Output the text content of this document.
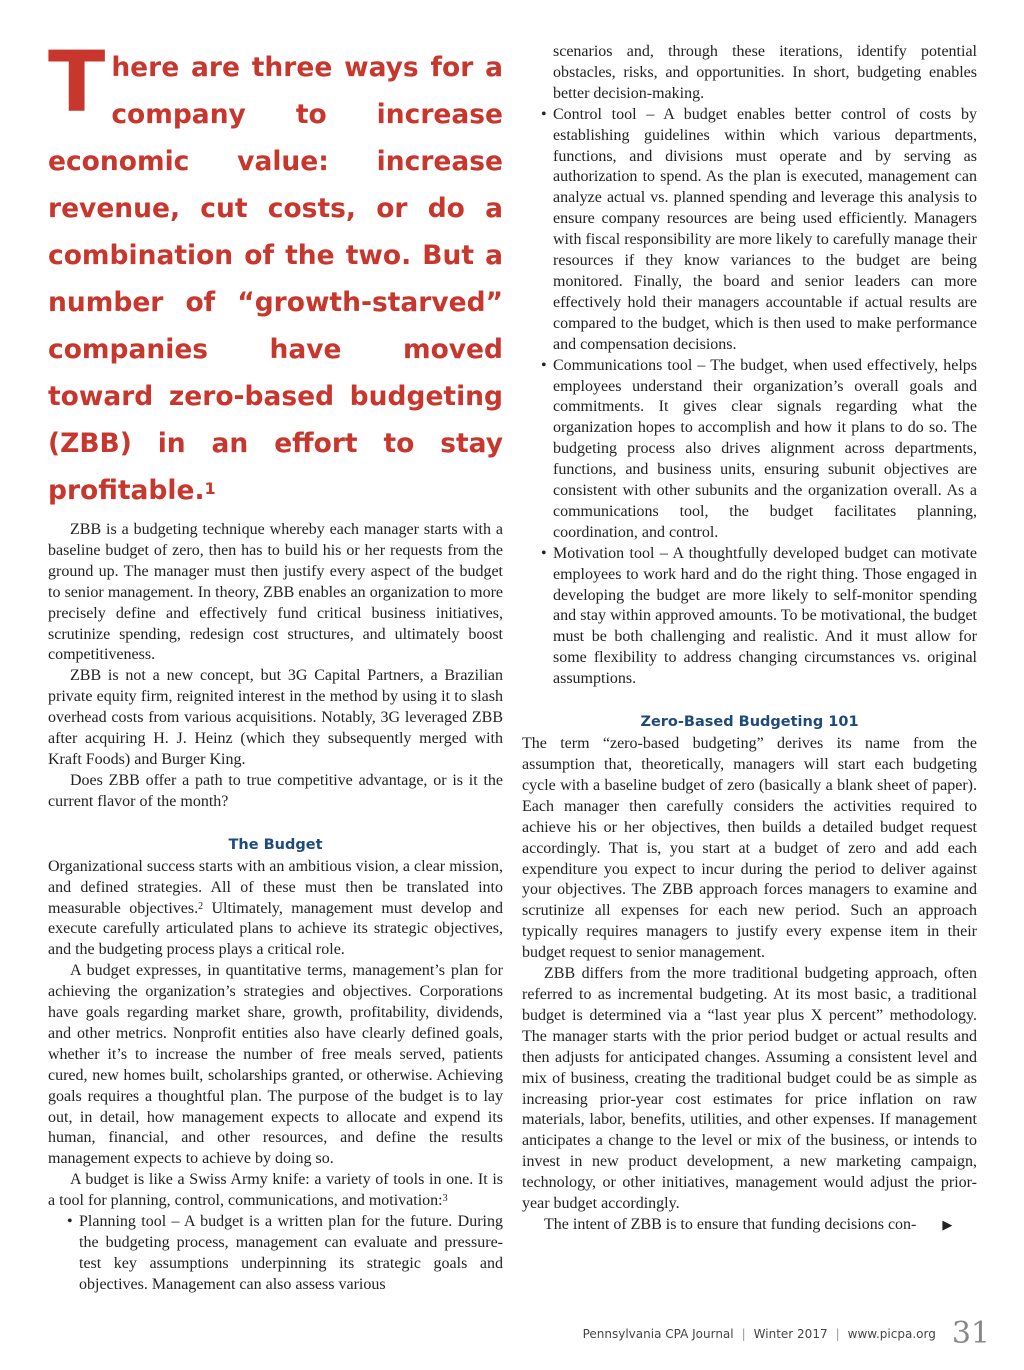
There are three ways for a company to increase economic value: increase revenue, cut costs, or do a combination of the two. But a number of “growth-starved” companies have moved toward zero-based budgeting (ZBB) in an effort to stay profitable.$^1$

ZBB is a budgeting technique whereby each manager starts with a baseline budget of zero, then has to build his or her requests from the ground up. The manager must then justify every aspect of the budget to senior management. In theory, ZBB enables an organization to more precisely define and effectively fund critical business initiatives, scrutinize spending, redesign cost structures, and ultimately boost competitiveness.

ZBB is not a new concept, but 3G Capital Partners, a Brazilian private equity firm, reignited interest in the method by using it to slash overhead costs from various acquisitions. Notably, 3G leveraged ZBB after acquiring H. J. Heinz (which they subsequently merged with Kraft Foods) and Burger King.

Does ZBB offer a path to true competitive advantage, or is it the current flavor of the month?

The Budget

Organizational success starts with an ambitious vision, a clear mission, and defined strategies. All of these must then be translated into measurable objectives.$^2$ Ultimately, management must develop and execute carefully articulated plans to achieve its strategic objectives, and the budgeting process plays a critical role.

A budget expresses, in quantitative terms, management’s plan for achieving the organization’s strategies and objectives. Corporations have goals regarding market share, growth, profitability, dividends, and other metrics. Nonprofit entities also have clearly defined goals, whether it’s to increase the number of free meals served, patients cured, new homes built, scholarships granted, or otherwise. Achieving goals requires a thoughtful plan. The purpose of the budget is to lay out, in detail, how management expects to allocate and expend its human, financial, and other resources, and define the results management expects to achieve by doing so.

A budget is like a Swiss Army knife: a variety of tools in one. It is a tool for planning, control, communications, and motivation:$^3$

• Planning tool – A budget is a written plan for the future. During the budgeting process, management can evaluate and pressure-test key assumptions underpinning its strategic goals and objectives. Management can also assess various

scenarios and, through these iterations, identify potential obstacles, risks, and opportunities. In short, budgeting enables better decision-making.

• Control tool – A budget enables better control of costs by establishing guidelines within which various departments, functions, and divisions must operate and by serving as authorization to spend. As the plan is executed, management can analyze actual vs. planned spending and leverage this analysis to ensure company resources are being used efficiently. Managers with fiscal responsibility are more likely to carefully manage their resources if they know variances to the budget are being monitored. Finally, the board and senior leaders can more effectively hold their managers accountable if actual results are compared to the budget, which is then used to make performance and compensation decisions.
• Communications tool – The budget, when used effectively, helps employees understand their organization’s overall goals and commitments. It gives clear signals regarding what the organization hopes to accomplish and how it plans to do so. The budgeting process also drives alignment across departments, functions, and business units, ensuring subunit objectives are consistent with other subunits and the organization overall. As a communications tool, the budget facilitates planning, coordination, and control.
• Motivation tool – A thoughtfully developed budget can motivate employees to work hard and do the right thing. Those engaged in developing the budget are more likely to self-monitor spending and stay within approved amounts. To be motivational, the budget must be both challenging and realistic. And it must allow for some flexibility to address changing circumstances vs. original assumptions.
Zero-Based Budgeting 101

The term “zero-based budgeting” derives its name from the assumption that, theoretically, managers will start each budgeting cycle with a baseline budget of zero (basically a blank sheet of paper). Each manager then carefully considers the activities required to achieve his or her objectives, then builds a detailed budget request accordingly. That is, you start at a budget of zero and add each expenditure you expect to incur during the period to deliver against your objectives. The ZBB approach forces managers to examine and scrutinize all expenses for each new period. Such an approach typically requires managers to justify every expense item in their budget request to senior management.

ZBB differs from the more traditional budgeting approach, often referred to as incremental budgeting. At its most basic, a traditional budget is determined via a “last year plus X percent” methodology. The manager starts with the prior period budget or actual results and then adjusts for anticipated changes. Assuming a consistent level and mix of business, creating the traditional budget could be as simple as increasing prior-year cost estimates for price inflation on raw materials, labor, benefits, utilities, and other expenses. If management anticipates a change to the level or mix of the business, or intends to invest in new product development, a new marketing campaign, technology, or other initiatives, management would adjust the prior-year budget accordingly.

The intent of ZBB is to ensure that funding decisions con- ▶

Pennsylvania CPA Journal | Winter 2017 | www.picpa.org 31
